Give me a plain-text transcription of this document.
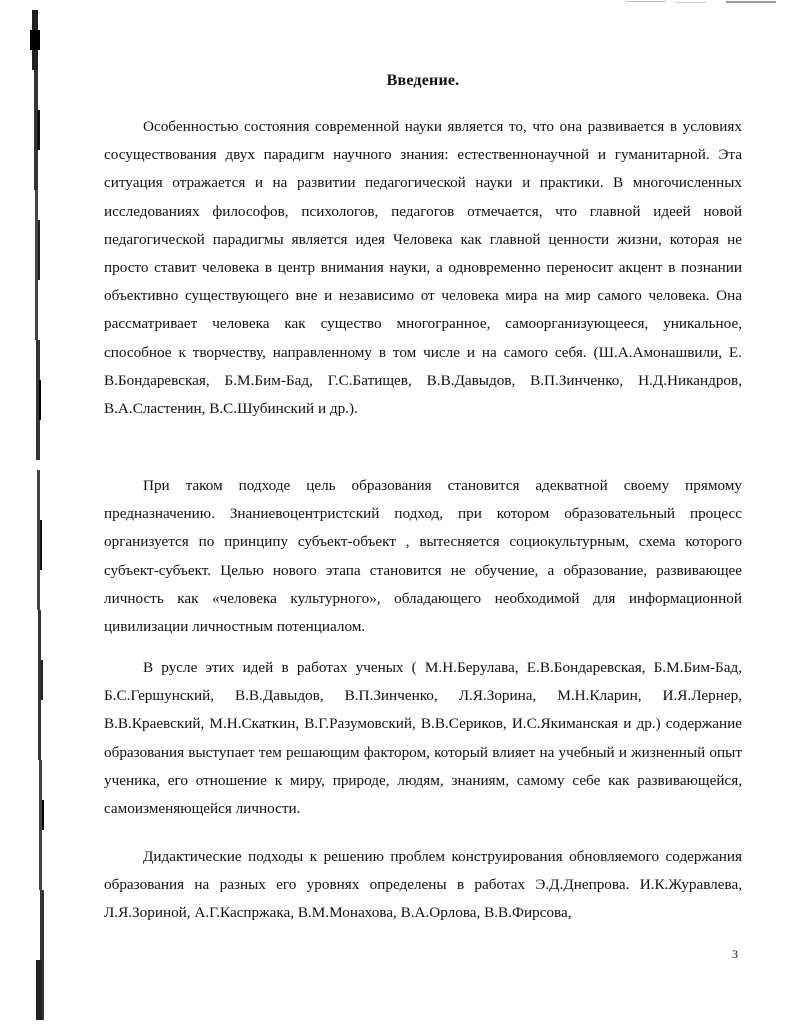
Введение.

Особенностью состояния современной науки является то, что она развивается в условиях сосуществования двух парадигм научного знания: естественнонаучной и гуманитарной. Эта ситуация отражается и на развитии педагогической науки и практики. В многочисленных исследованиях философов, психологов, педагогов отмечается, что главной идеей новой педагогической парадигмы является идея Человека как главной ценности жизни, которая не просто ставит человека в центр внимания науки, а одновременно переносит акцент в познании объективно существующего вне и независимо от человека мира на мир самого человека. Она рассматривает человека как существо многогранное, самоорганизующееся, уникальное, способное к творчеству, направленному в том числе и на самого себя. (Ш.А.Амонашвили, Е. В.Бондаревская, Б.М.Бим-Бад, Г.С.Батищев, В.В.Давыдов, В.П.Зинченко, Н.Д.Никандров, В.А.Сластенин, В.С.Шубинский и др.).

При таком подходе цель образования становится адекватной своему прямому предназначению. Знаниевоцентристский подход, при котором образовательный процесс организуется по принципу субъект-объект , вытесняется социокультурным, схема которого субъект-субъект. Целью нового этапа становится не обучение, а образование, развивающее личность как «человека культурного», обладающего необходимой для информационной цивилизации личностным потенциалом.

В русле этих идей в работах ученых ( М.Н.Берулава, Е.В.Бондаревская, Б.М.Бим-Бад, Б.С.Гершунский, В.В.Давыдов, В.П.Зинченко, Л.Я.Зорина, М.Н.Кларин, И.Я.Лернер, В.В.Краевский, М.Н.Скаткин, В.Г.Разумовский, В.В.Сериков, И.С.Якиманская и др.) содержание образования выступает тем решающим фактором, который влияет на учебный и жизненный опыт ученика, его отношение к миру, природе, людям, знаниям, самому себе как развивающейся, самоизменяющейся личности.

Дидактические подходы к решению проблем конструирования обновляемого содержания образования на разных его уровнях определены в работах Э.Д.Днепрова. И.К.Журавлева, Л.Я.Зориной, А.Г.Каспржака, В.М.Монахова, В.А.Орлова, В.В.Фирсова,

3
